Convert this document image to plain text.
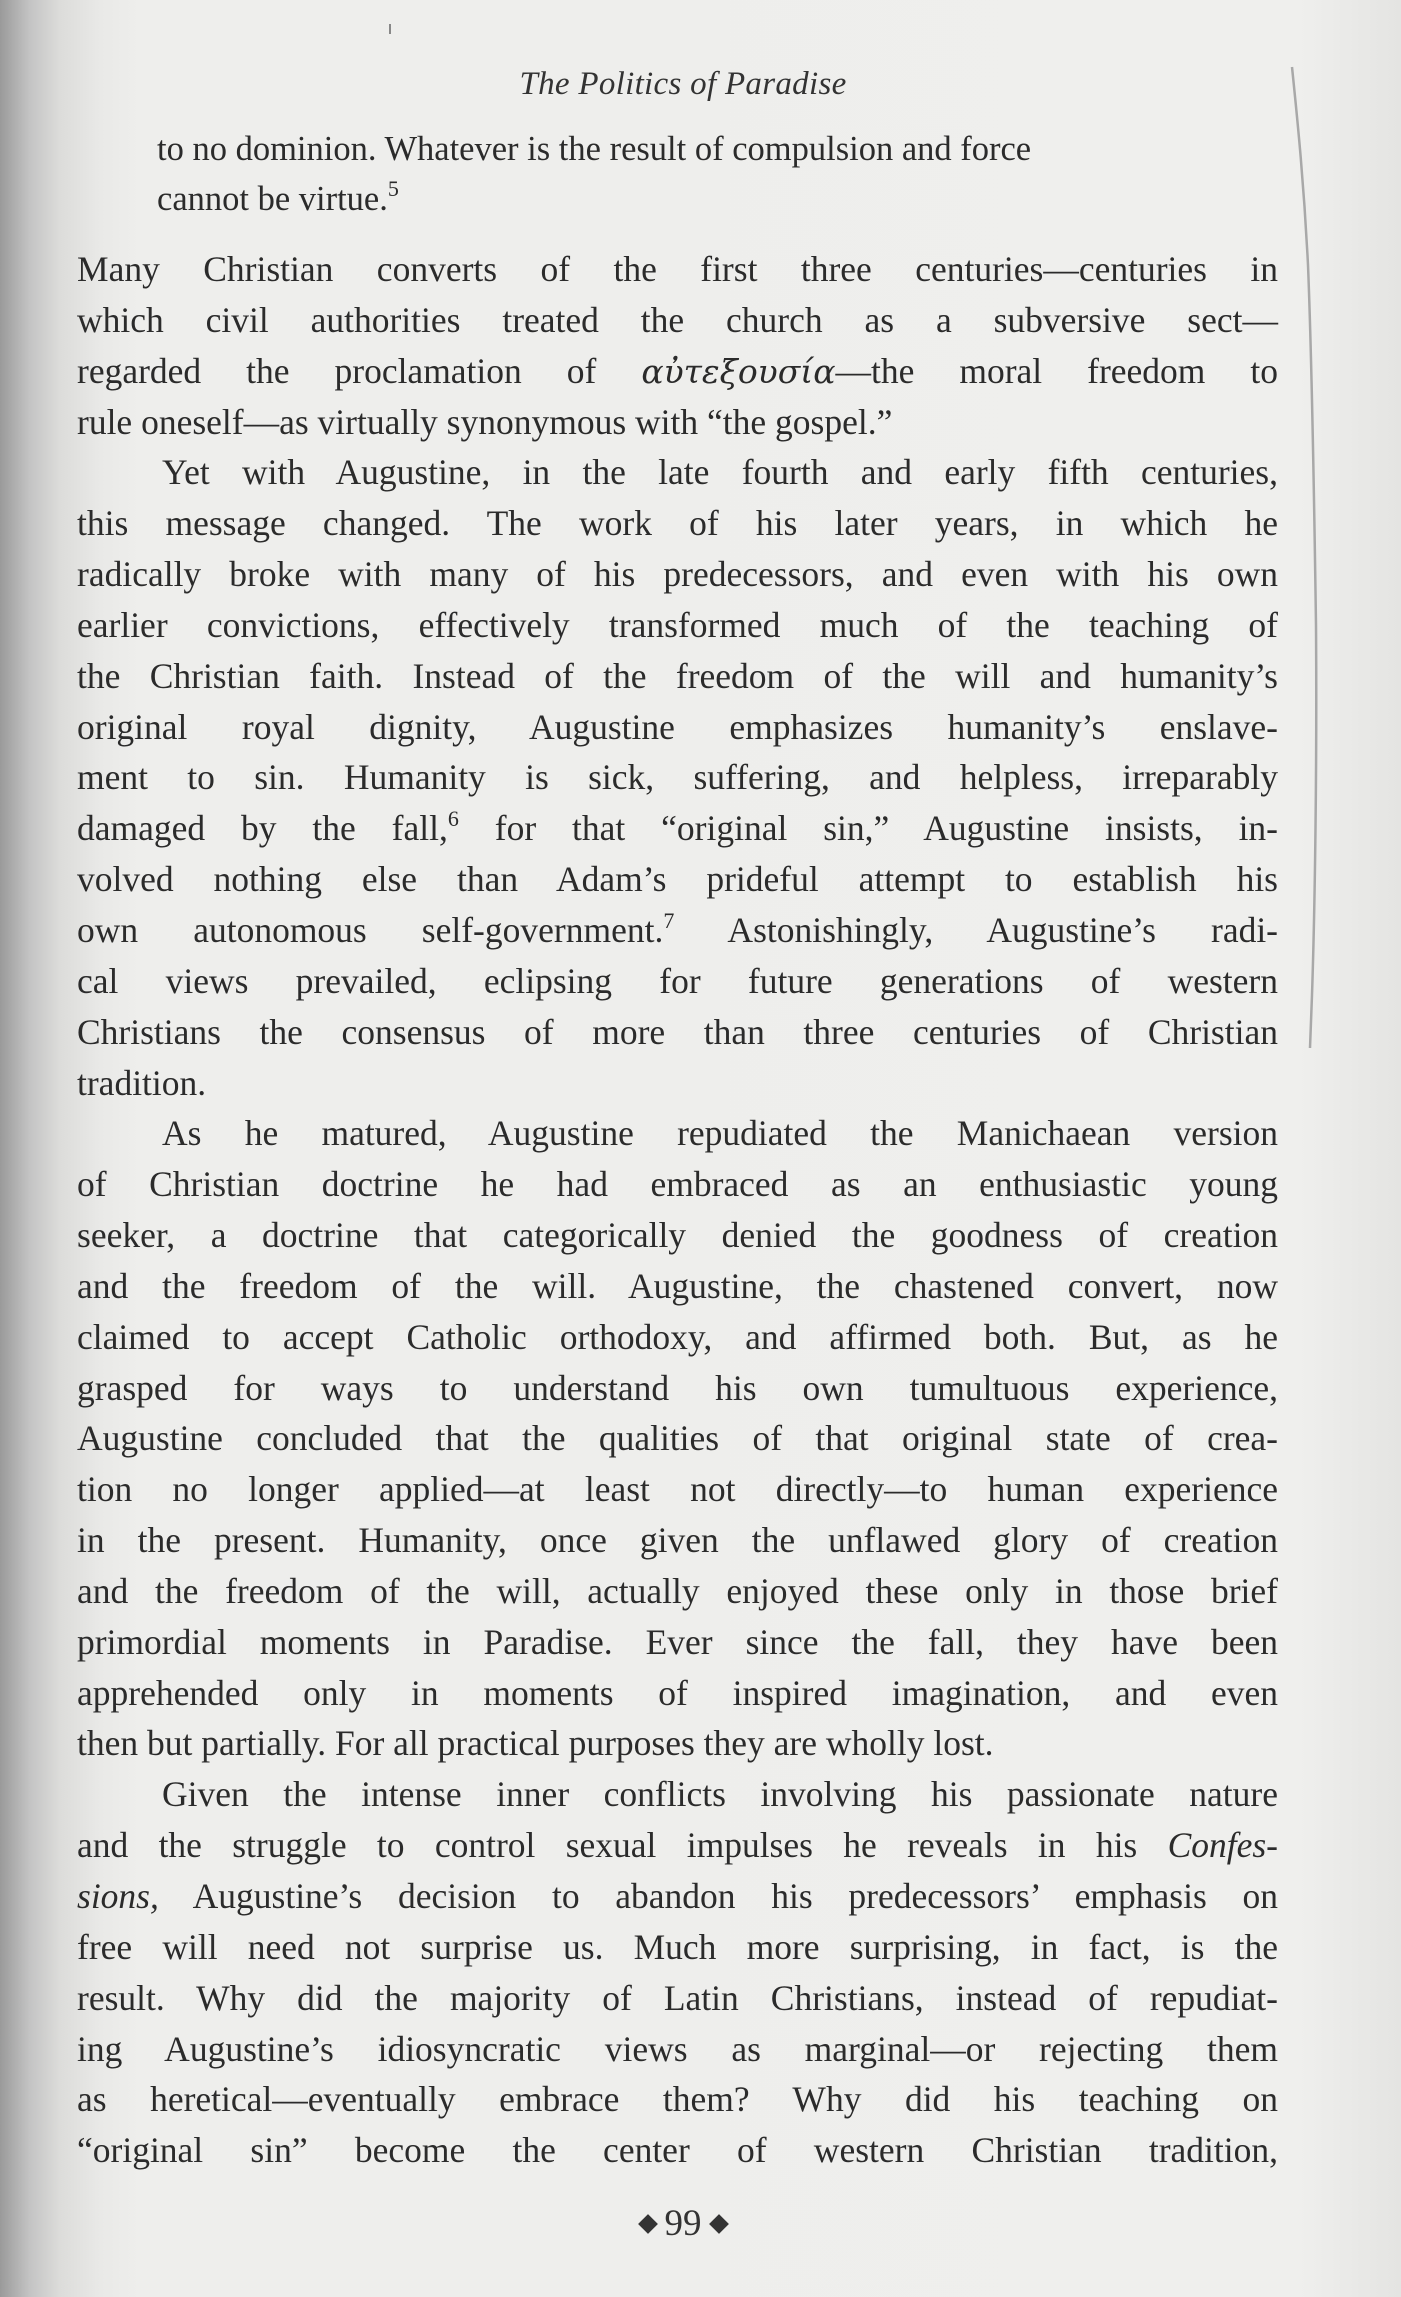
The Politics of Paradise
to no dominion. Whatever is the result of compulsion and force
cannot be virtue.$^5$
Many Christian converts of the first three centuries—centuries in
which civil authorities treated the church as a subversive sect—
regarded the proclamation of αὐτεξουσία—the moral freedom to
rule oneself—as virtually synonymous with “the gospel.”
Yet with Augustine, in the late fourth and early fifth centuries,
this message changed. The work of his later years, in which he
radically broke with many of his predecessors, and even with his own
earlier convictions, effectively transformed much of the teaching of
the Christian faith. Instead of the freedom of the will and humanity’s
original royal dignity, Augustine emphasizes humanity’s enslave-
ment to sin. Humanity is sick, suffering, and helpless, irreparably
damaged by the fall,$^6$ for that “original sin,” Augustine insists, in-
volved nothing else than Adam’s prideful attempt to establish his
own autonomous self-government.$^7$ Astonishingly, Augustine’s radi-
cal views prevailed, eclipsing for future generations of western
Christians the consensus of more than three centuries of Christian
tradition.
As he matured, Augustine repudiated the Manichaean version
of Christian doctrine he had embraced as an enthusiastic young
seeker, a doctrine that categorically denied the goodness of creation
and the freedom of the will. Augustine, the chastened convert, now
claimed to accept Catholic orthodoxy, and affirmed both. But, as he
grasped for ways to understand his own tumultuous experience,
Augustine concluded that the qualities of that original state of crea-
tion no longer applied—at least not directly—to human experience
in the present. Humanity, once given the unflawed glory of creation
and the freedom of the will, actually enjoyed these only in those brief
primordial moments in Paradise. Ever since the fall, they have been
apprehended only in moments of inspired imagination, and even
then but partially. For all practical purposes they are wholly lost.
Given the intense inner conflicts involving his passionate nature
and the struggle to control sexual impulses he reveals in his Confes-
sions, Augustine’s decision to abandon his predecessors’ emphasis on
free will need not surprise us. Much more surprising, in fact, is the
result. Why did the majority of Latin Christians, instead of repudiat-
ing Augustine’s idiosyncratic views as marginal—or rejecting them
as heretical—eventually embrace them? Why did his teaching on
“original sin” become the center of western Christian tradition,
99
